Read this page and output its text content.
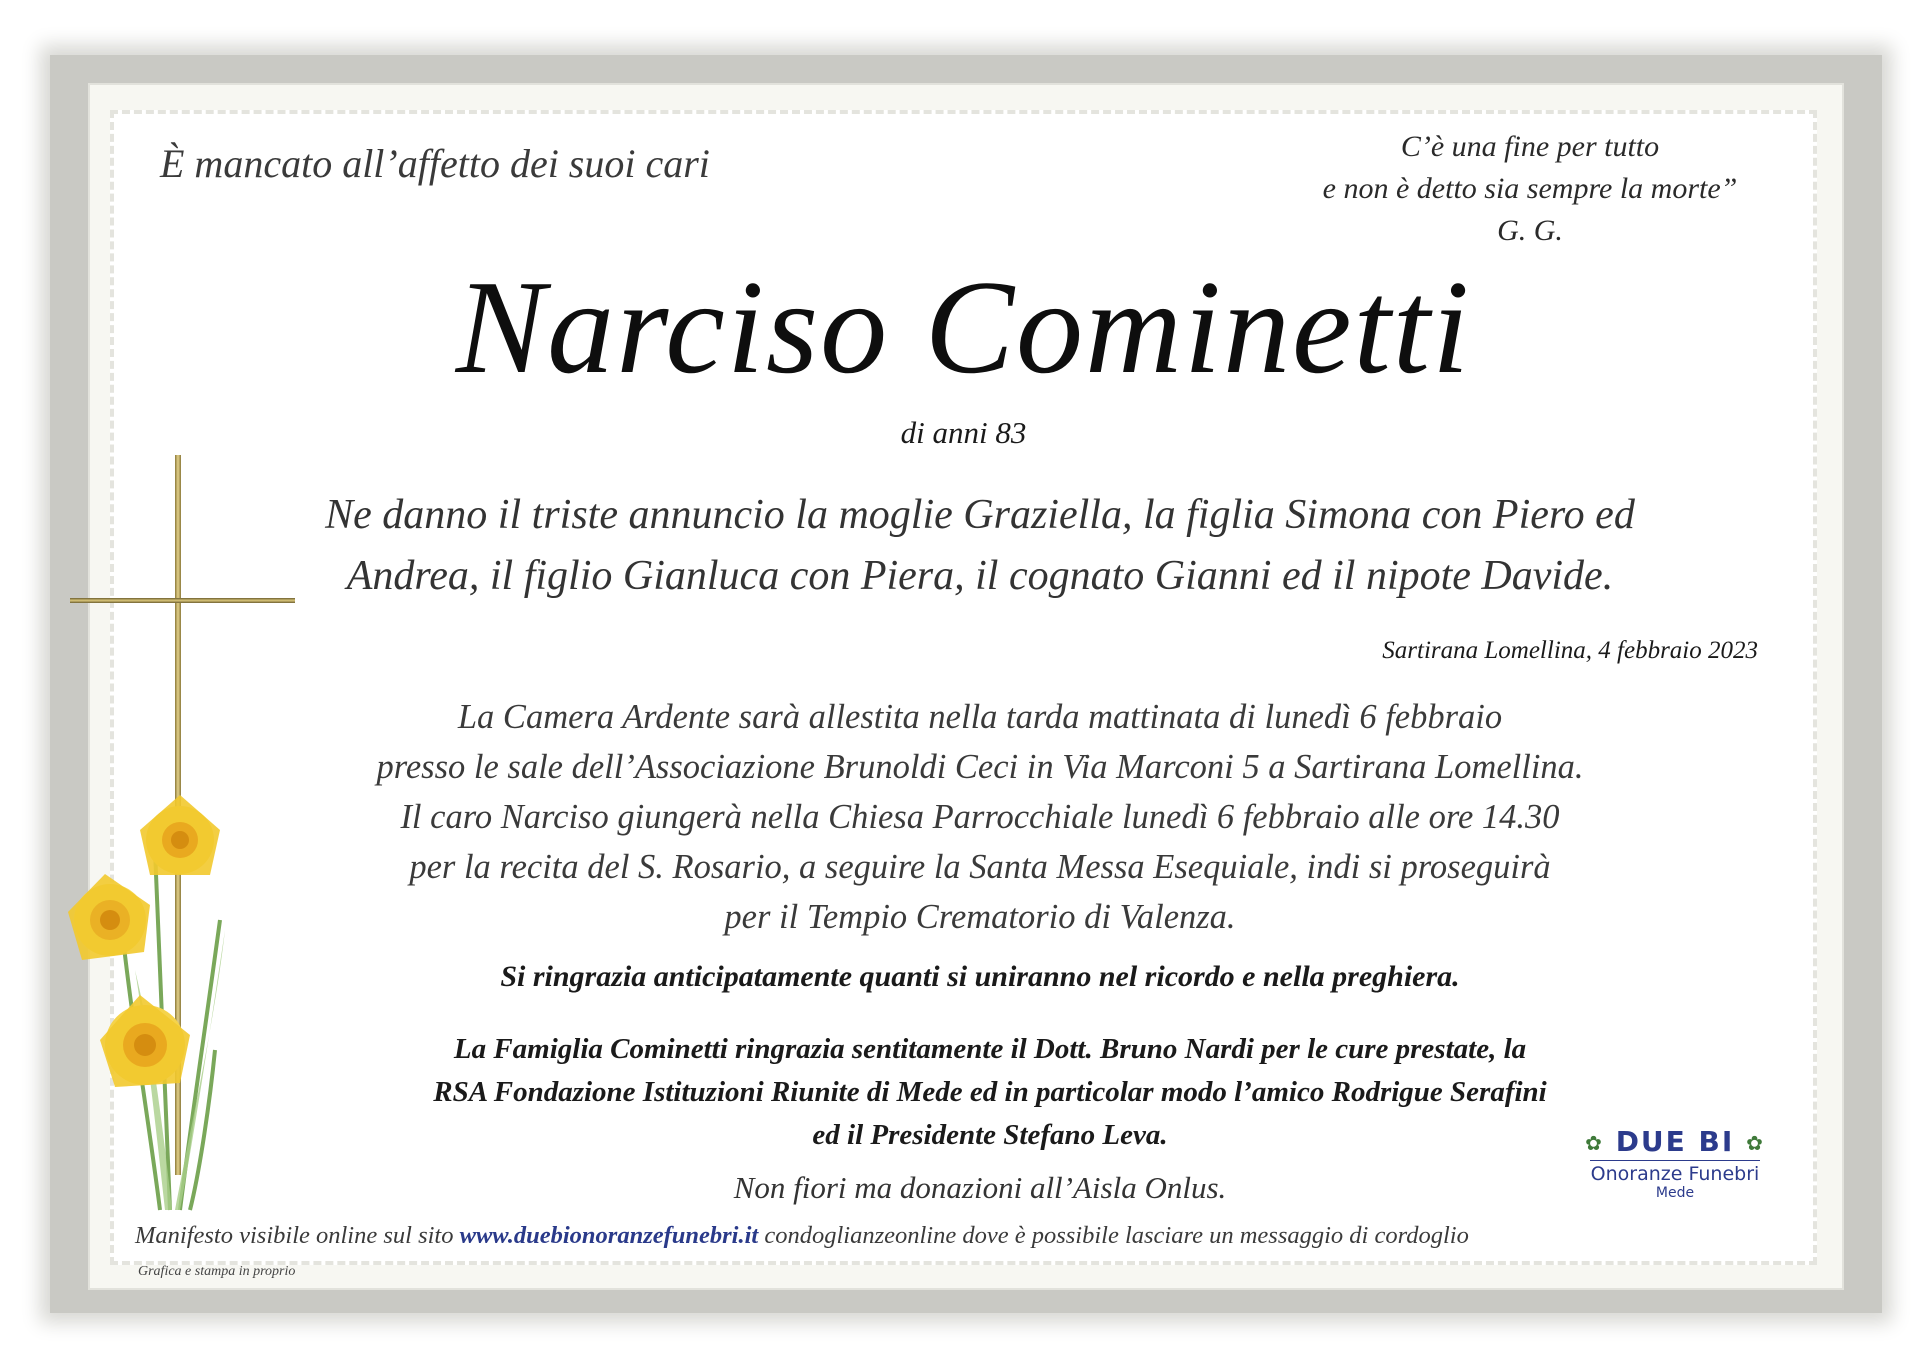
È mancato all’affetto dei suoi cari	C’è una fine per tutto
e non è detto sia sempre la morte”
G. G.
Narciso Cominetti
di anni 83
Ne danno il triste annuncio la moglie Graziella, la figlia Simona con Piero ed
Andrea, il figlio Gianluca con Piera, il cognato Gianni ed il nipote Davide.
Sartirana Lomellina, 4 febbraio 2023
La Camera Ardente sarà allestita nella tarda mattinata di lunedì 6 febbraio
presso le sale dell’Associazione Brunoldi Ceci in Via Marconi 5 a Sartirana Lomellina.
Il caro Narciso giungerà nella Chiesa Parrocchiale lunedì 6 febbraio alle ore 14.30
per la recita del S. Rosario, a seguire la Santa Messa Esequiale, indi si proseguirà
per il Tempio Crematorio di Valenza.
Si ringrazia anticipatamente quanti si uniranno nel ricordo e nella preghiera.
La Famiglia Cominetti ringrazia sentitamente il Dott. Bruno Nardi per le cure prestate, la
RSA Fondazione Istituzioni Riunite di Mede ed in particolar modo l’amico Rodrigue Serafini
ed il Presidente Stefano Leva.
Non fiori ma donazioni all’Aisla Onlus.
✿ DUE BI ✿
Onoranze Funebri
Mede
Manifesto visibile online sul sito www.duebionoranzefunebri.it condoglianzeonline dove è possibile lasciare un messaggio di cordoglio
Grafica e stampa in proprio
